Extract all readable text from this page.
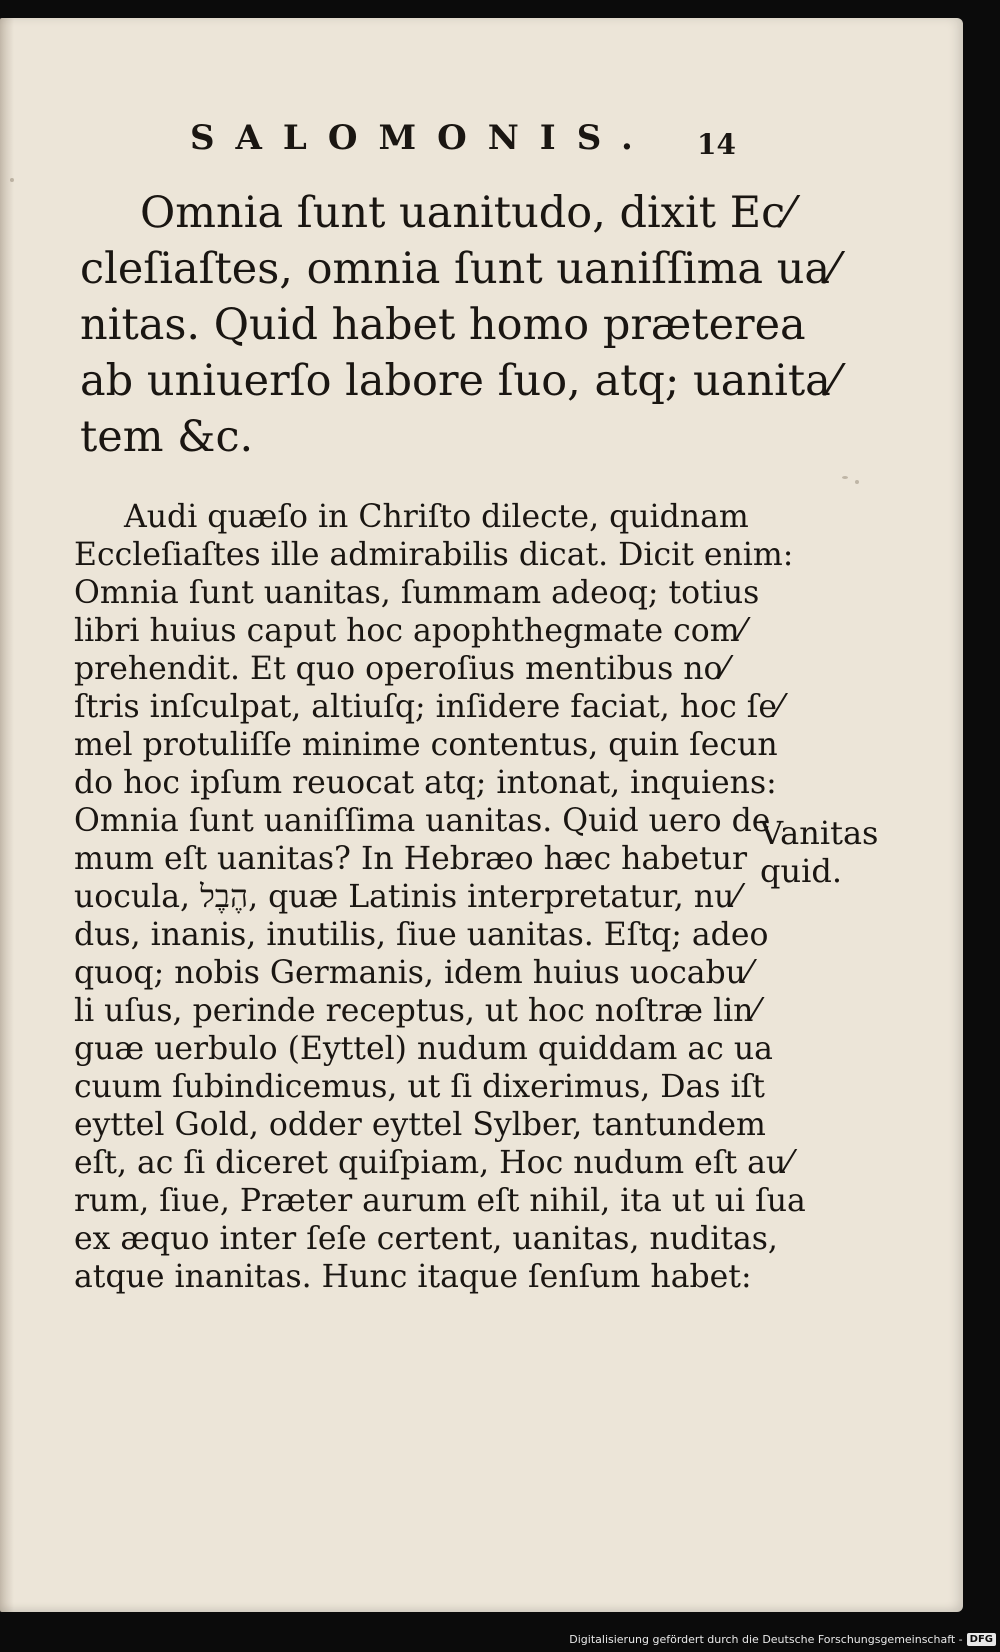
SALOMONIS. 14
Omnia ſunt uanitudo, dixit Ec⁄
cleſiaſtes, omnia ſunt uaniſſima ua⁄
nitas. Quid habet homo prӕterea
ab uniuerſo labore ſuo, atq; uanita⁄
tem &c.
Audi quӕſo in Chriſto dilecte, quidnam
Eccleſiaſtes ille admirabilis dicat. Dicit enim:
Omnia ſunt uanitas, ſummam adeoq; totius
libri huius caput hoc apophthegmate com⁄
prehendit. Et quo operoſius mentibus no⁄
ſtris inſculpat, altiuſq; inſidere faciat, hoc ſe⁄
mel protuliſſe minime contentus, quin ſecun
do hoc ipſum reuocat atq; intonat, inquiens:
Omnia ſunt uaniſſima uanitas. Quid uero de
mum eſt uanitas? In Hebrӕo hӕc habetur
uocula, הֶבֶל, quӕ Latinis interpretatur, nu⁄
dus, inanis, inutilis, ſiue uanitas. Eſtq; adeo
quoq; nobis Germanis, idem huius uocabu⁄
li uſus, perinde receptus, ut hoc noſtrӕ lin⁄
guӕ uerbulo (Eyttel) nudum quiddam ac ua
cuum ſubindicemus, ut ſi dixerimus, Das iſt
eyttel Gold, odder eyttel Sylber, tantundem
eſt, ac ſi diceret quiſpiam, Hoc nudum eſt au⁄
rum, ſiue, Prӕter aurum eſt nihil, ita ut ui ſua
ex ӕquo inter ſeſe certent, uanitas, nuditas,
atque inanitas. Hunc itaque ſenſum habet:
Vanitas
quid.
Digitalisierung gefördert durch die Deutsche Forschungsgemeinschaft - DFG
